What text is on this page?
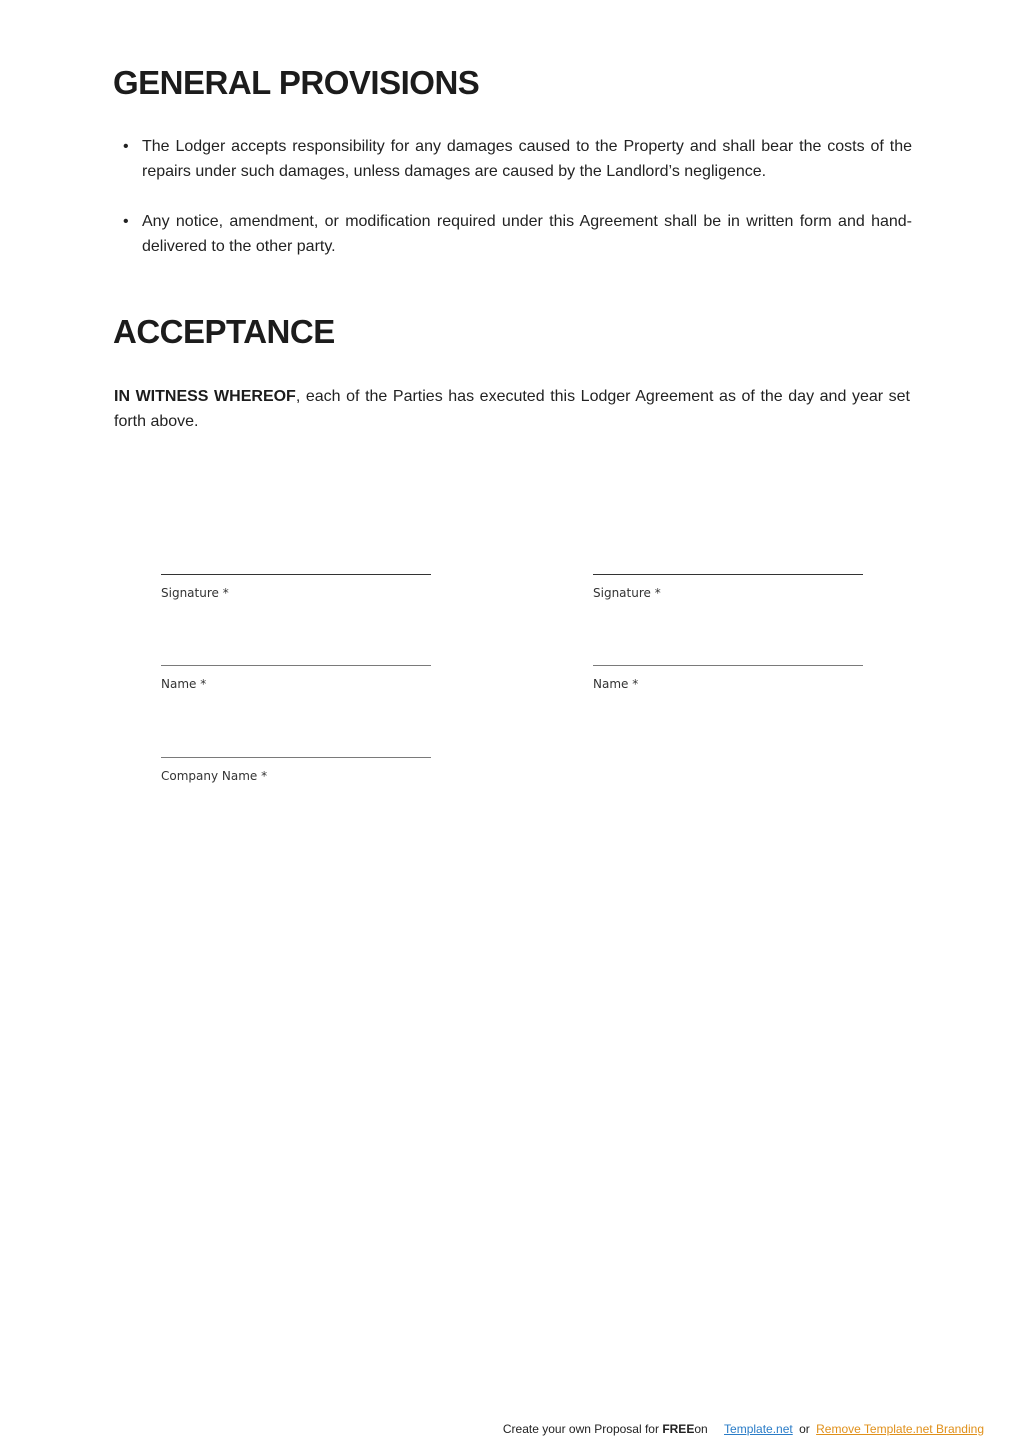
GENERAL PROVISIONS
• The Lodger accepts responsibility for any damages caused to the Property and shall bear the costs of the repairs under such damages, unless damages are caused by the Landlord’s negligence.
• Any notice, amendment, or modification required under this Agreement shall be in written form and hand-delivered to the other party.
ACCEPTANCE

IN WITNESS WHEREOF, each of the Parties has executed this Lodger Agreement as of the day and year set forth above.

Signature *
Name *
Company Name *
Signature *
Name *
Create your own Proposal for FREEon Template.net or Remove Template.net Branding
